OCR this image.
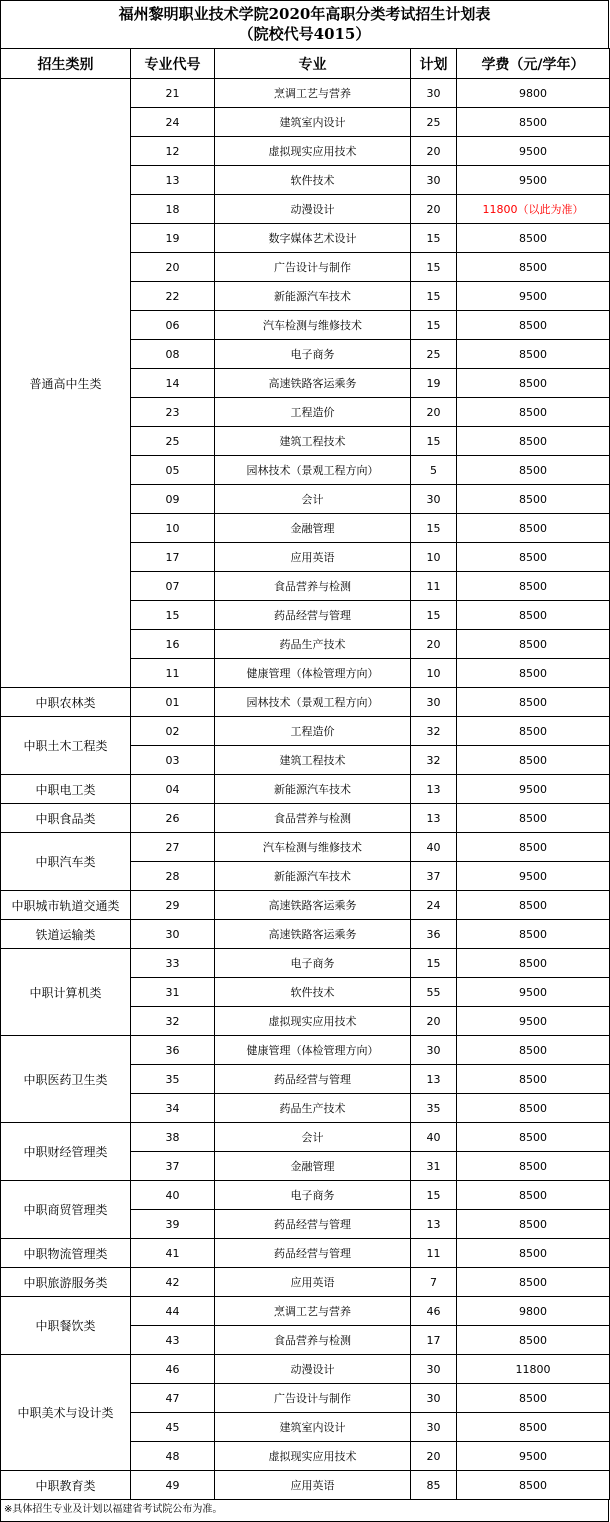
福州黎明职业技术学院2020年高职分类考试招生计划表
（院校代号4015）
招生类别	专业代号	专业	计划	学费（元/学年）
普通高中生类	21	烹调工艺与营养	30	9800
	24	建筑室内设计	25	8500
	12	虚拟现实应用技术	20	9500
	13	软件技术	30	9500
	18	动漫设计	20	11800（以此为准）
	19	数字媒体艺术设计	15	8500
	20	广告设计与制作	15	8500
	22	新能源汽车技术	15	9500
	06	汽车检测与维修技术	15	8500
	08	电子商务	25	8500
	14	高速铁路客运乘务	19	8500
	23	工程造价	20	8500
	25	建筑工程技术	15	8500
	05	园林技术（景观工程方向）	5	8500
	09	会计	30	8500
	10	金融管理	15	8500
	17	应用英语	10	8500
	07	食品营养与检测	11	8500
	15	药品经营与管理	15	8500
	16	药品生产技术	20	8500
	11	健康管理（体检管理方向）	10	8500
中职农林类	01	园林技术（景观工程方向）	30	8500
中职土木工程类	02	工程造价	32	8500
	03	建筑工程技术	32	8500
中职电工类	04	新能源汽车技术	13	9500
中职食品类	26	食品营养与检测	13	8500
中职汽车类	27	汽车检测与维修技术	40	8500
	28	新能源汽车技术	37	9500
中职城市轨道交通类	29	高速铁路客运乘务	24	8500
铁道运输类	30	高速铁路客运乘务	36	8500
中职计算机类	33	电子商务	15	8500
	31	软件技术	55	9500
	32	虚拟现实应用技术	20	9500
中职医药卫生类	36	健康管理（体检管理方向）	30	8500
	35	药品经营与管理	13	8500
	34	药品生产技术	35	8500
中职财经管理类	38	会计	40	8500
	37	金融管理	31	8500
中职商贸管理类	40	电子商务	15	8500
	39	药品经营与管理	13	8500
中职物流管理类	41	药品经营与管理	11	8500
中职旅游服务类	42	应用英语	7	8500
中职餐饮类	44	烹调工艺与营养	46	9800
	43	食品营养与检测	17	8500
中职美术与设计类	46	动漫设计	30	11800
	47	广告设计与制作	30	8500
	45	建筑室内设计	30	8500
	48	虚拟现实应用技术	20	9500
中职教育类	49	应用英语	85	8500
※具体招生专业及计划以福建省考试院公布为准。
